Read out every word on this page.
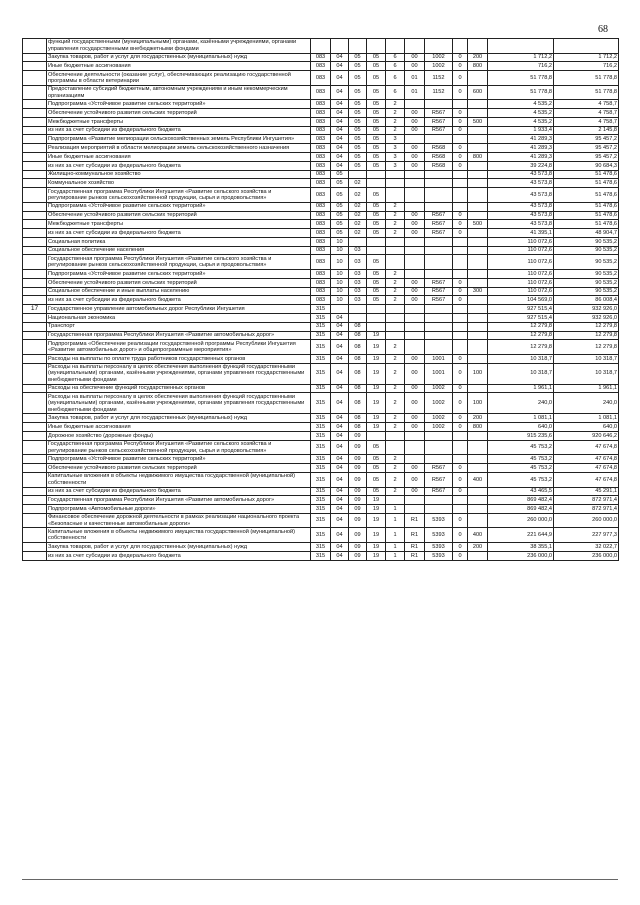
68
	функций государственными (муниципальными) органами, казёнными учреждениями, органами управления государственными внебюджетными фондами											
	Закупка товаров, работ и услуг для государственных (муниципальных) нужд	083	04	05	05	6	00	1002	0	200	1 712,2	1 712,2
	Иные бюджетные ассигнования	083	04	05	05	6	00	1002	0	800	716,2	716,2
	Обеспечение деятельности (оказание услуг), обеспечивающих реализацию государственной программы в области ветеринарии	083	04	05	05	6	01	1152	0		51 778,8	51 778,8
	Предоставление субсидий бюджетным, автономным учреждениям и иным некоммерческим организациям	083	04	05	05	6	01	1152	0	600	51 778,8	51 778,8
	Подпрограмма «Устойчивое развитие сельских территорий»	083	04	05	05	2					4 535,2	4 758,7
	Обеспечение устойчивого развития сельских территорий	083	04	05	05	2	00	R567	0		4 535,2	4 758,7
	Межбюджетные трансферты	083	04	05	05	2	00	R567	0	500	4 535,2	4 758,7
	из них за счет субсидии из федерального бюджета	083	04	05	05	2	00	R567	0		1 933,4	2 145,8
	Подпрограмма «Развитие мелиорации сельскохозяйственных земель Республики Ингушетия»	083	04	05	05	3					41 289,3	95 457,2
	Реализация мероприятий в области мелиорации земель сельскохозяйственного назначения	083	04	05	05	3	00	R568	0		41 289,3	95 457,2
	Иные бюджетные ассигнования	083	04	05	05	3	00	R568	0	800	41 289,3	95 457,2
	из них за счет субсидии из федерального бюджета	083	04	05	05	3	00	R568	0		39 224,8	90 684,3
	Жилищно-коммунальное хозяйство	083	05								43 573,8	51 478,6
	Коммунальное хозяйство	083	05	02							43 573,8	51 478,6
	Государственная программа Республики Ингушетия «Развитие сельского хозяйства и регулирование рынков сельскохозяйственной продукции, сырья и продовольствия»	083	05	02	05						43 573,8	51 478,6
	Подпрограмма «Устойчивое развитие сельских территорий»	083	05	02	05	2					43 573,8	51 478,6
	Обеспечение устойчивого развития сельских территорий	083	05	02	05	2	00	R567	0		43 573,8	51 478,6
	Межбюджетные трансферты	083	05	02	05	2	00	R567	0	500	43 573,8	51 478,6
	из них за счет субсидии из федерального бюджета	083	05	02	05	2	00	R567	0		41 395,1	48 904,7
	Социальная политика	083	10								110 072,6	90 535,2
	Социальное обеспечение населения	083	10	03							110 072,6	90 535,2
	Государственная программа Республики Ингушетия «Развитие сельского хозяйства и регулирование рынков сельскохозяйственной продукции, сырья и продовольствия»	083	10	03	05						110 072,6	90 535,2
	Подпрограмма «Устойчивое развитие сельских территорий»	083	10	03	05	2					110 072,6	90 535,2
	Обеспечение устойчивого развития сельских территорий	083	10	03	05	2	00	R567	0		110 072,6	90 535,2
	Социальное обеспечение и иные выплаты населению	083	10	03	05	2	00	R567	0	300	110 072,6	90 535,2
	из них за счет субсидии из федерального бюджета	083	10	03	05	2	00	R567	0		104 569,0	86 008,4
17	Государственное управление автомобильных дорог Республики Ингушетия	315									927 515,4	932 926,0
	Национальная экономика	315	04								927 515,4	932 926,0
	Транспорт	315	04	08							12 279,8	12 279,8
	Государственная программа Республики Ингушетия «Развитие автомобильных дорог»	315	04	08	19						12 279,8	12 279,8
	Подпрограмма «Обеспечение реализации государственной программы Республики Ингушетия «Развитие автомобильных дорог» и общепрограммные мероприятия»	315	04	08	19	2					12 279,8	12 279,8
	Расходы на выплаты по оплате труда работников государственных органов	315	04	08	19	2	00	1001	0		10 318,7	10 318,7
	Расходы на выплаты персоналу в целях обеспечения выполнения функций государственными (муниципальными) органами, казёнными учреждениями, органами управления государственными внебюджетными фондами	315	04	08	19	2	00	1001	0	100	10 318,7	10 318,7
	Расходы на обеспечение функций государственных органов	315	04	08	19	2	00	1002	0		1 961,1	1 961,1
	Расходы на выплаты персоналу в целях обеспечения выполнения функций государственными (муниципальными) органами, казёнными учреждениями, органами управления государственными внебюджетными фондами	315	04	08	19	2	00	1002	0	100	240,0	240,0
	Закупка товаров, работ и услуг для государственных (муниципальных) нужд	315	04	08	19	2	00	1002	0	200	1 081,1	1 081,1
	Иные бюджетные ассигнования	315	04	08	19	2	00	1002	0	800	640,0	640,0
	Дорожное хозяйство (дорожные фонды)	315	04	09							915 235,6	920 646,2
	Государственная программа Республики Ингушетия «Развитие сельского хозяйства и регулирование рынков сельскохозяйственной продукции, сырья и продовольствия»	315	04	09	05						45 753,2	47 674,8
	Подпрограмма «Устойчивое развитие сельских территорий»	315	04	09	05	2					45 753,2	47 674,8
	Обеспечение устойчивого развития сельских территорий	315	04	09	05	2	00	R567	0		45 753,2	47 674,8
	Капитальные вложения в объекты недвижимого имущества государственной (муниципальной) собственности	315	04	09	05	2	00	R567	0	400	45 753,2	47 674,8
	из них за счет субсидии из федерального бюджета	315	04	09	05	2	00	R567	0		43 465,5	45 291,1
	Государственная программа Республики Ингушетия «Развитие автомобильных дорог»	315	04	09	19						869 482,4	872 971,4
	Подпрограмма «Автомобильные дороги»	315	04	09	19	1					869 482,4	872 971,4
	Финансовое обеспечение дорожной деятельности в рамках реализации национального проекта «Безопасные и качественные автомобильные дороги»	315	04	09	19	1	R1	5393	0		260 000,0	260 000,0
	Капитальные вложения в объекты недвижимого имущества государственной (муниципальной) собственности	315	04	09	19	1	R1	5393	0	400	221 644,9	227 977,3
	Закупка товаров, работ и услуг для государственных (муниципальных) нужд	315	04	09	19	1	R1	5393	0	200	38 355,1	32 022,7
	из них за счет субсидии из федерального бюджета	315	04	09	19	1	R1	5393	0		236 000,0	236 000,0
